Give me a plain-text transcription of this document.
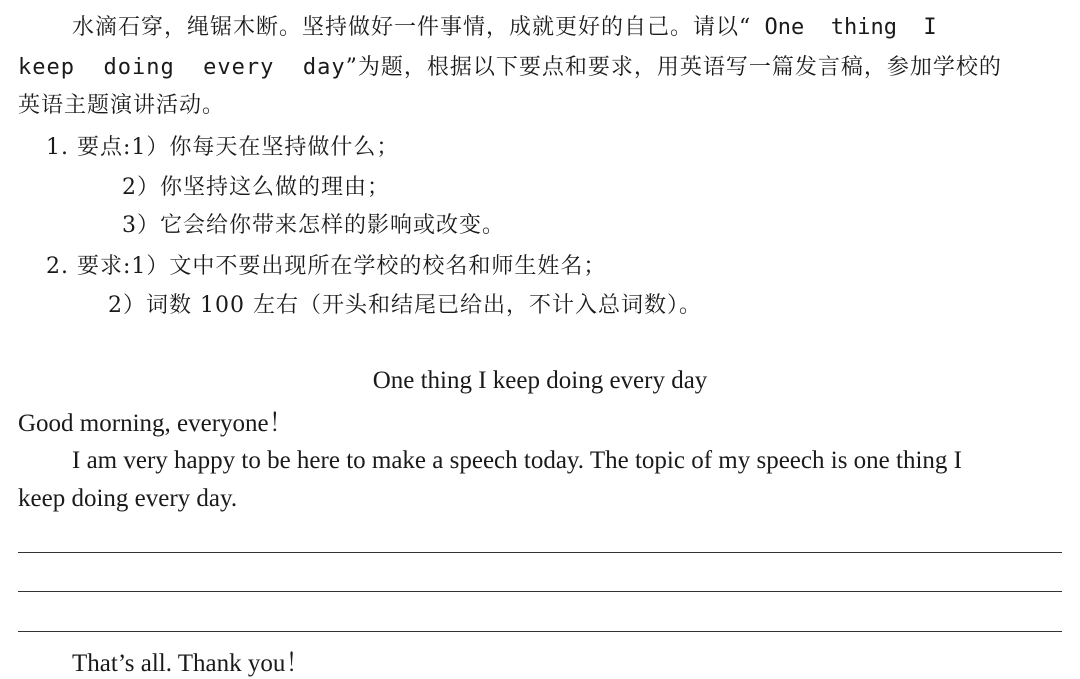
水滴石穿，绳锯木断。坚持做好一件事情，成就更好的自己。请以“ One  thing  I
keep  doing  every  day”为题，根据以下要点和要求，用英语写一篇发言稿，参加学校的
英语主题演讲活动。
1. 要点:1）你每天在坚持做什么；
2）你坚持这么做的理由；
3）它会给你带来怎样的影响或改变。
2. 要求:1）文中不要出现所在学校的校名和师生姓名；
2）词数 100 左右（开头和结尾已给出，不计入总词数）。
One thing I keep doing every day
Good morning, everyone！
I am very happy to be here to make a speech today. The topic of my speech is one thing I
keep doing every day.
That’s all. Thank you！
